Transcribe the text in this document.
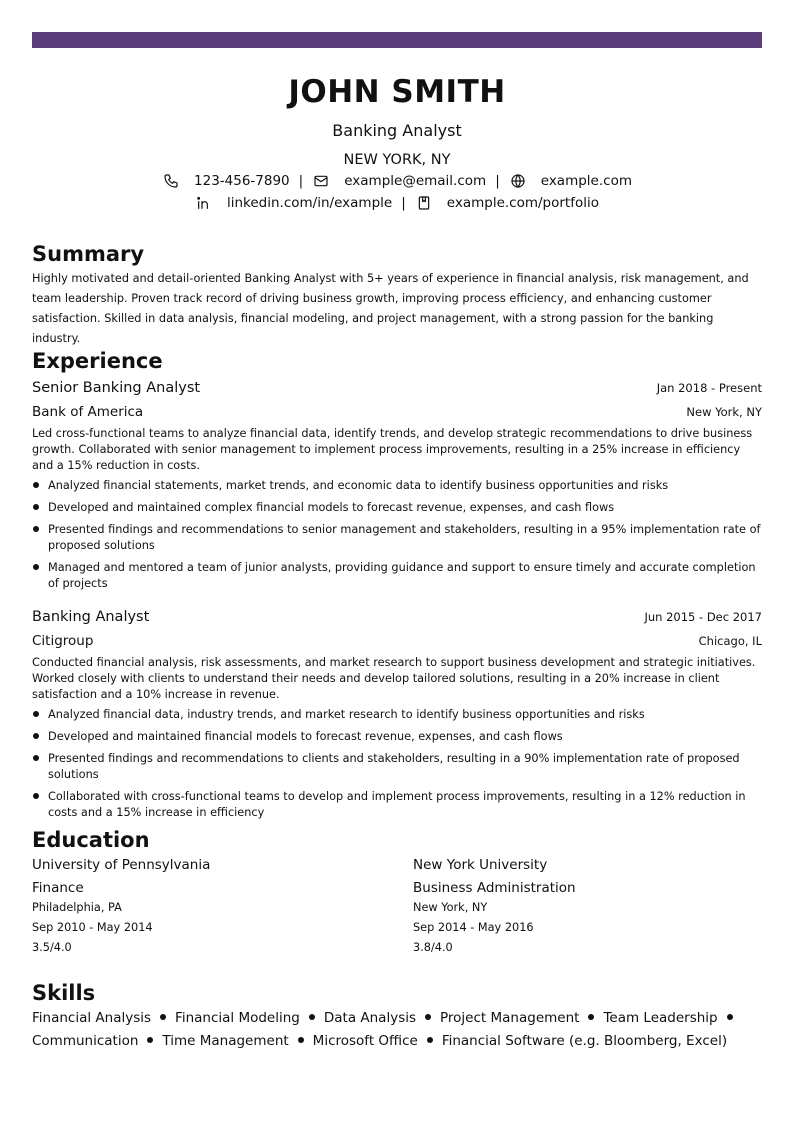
JOHN SMITH
Banking Analyst
NEW YORK, NY
123-456-7890 |	example@email.com |	example.com
linkedin.com/in/example |	example.com/portfolio
Summary
Highly motivated and detail-oriented Banking Analyst with 5+ years of experience in financial analysis, risk management, and team leadership. Proven track record of driving business growth, improving process efficiency, and enhancing customer satisfaction. Skilled in data analysis, financial modeling, and project management, with a strong passion for the banking industry.
Experience
Senior Banking Analyst	Jan 2018 - Present
Bank of America	New York, NY
Led cross-functional teams to analyze financial data, identify trends, and develop strategic recommendations to drive business growth. Collaborated with senior management to implement process improvements, resulting in a 25% increase in efficiency and a 15% reduction in costs.
Analyzed financial statements, market trends, and economic data to identify business opportunities and risks
Developed and maintained complex financial models to forecast revenue, expenses, and cash flows
Presented findings and recommendations to senior management and stakeholders, resulting in a 95% implementation rate of proposed solutions
Managed and mentored a team of junior analysts, providing guidance and support to ensure timely and accurate completion of projects
Banking Analyst	Jun 2015 - Dec 2017
Citigroup	Chicago, IL
Conducted financial analysis, risk assessments, and market research to support business development and strategic initiatives. Worked closely with clients to understand their needs and develop tailored solutions, resulting in a 20% increase in client satisfaction and a 10% increase in revenue.
Analyzed financial data, industry trends, and market research to identify business opportunities and risks
Developed and maintained financial models to forecast revenue, expenses, and cash flows
Presented findings and recommendations to clients and stakeholders, resulting in a 90% implementation rate of proposed solutions
Collaborated with cross-functional teams to develop and implement process improvements, resulting in a 12% reduction in costs and a 15% increase in efficiency
Education
University of Pennsylvania
Finance
Philadelphia, PA
Sep 2010 - May 2014
3.5/4.0
New York University
Business Administration
New York, NY
Sep 2014 - May 2016
3.8/4.0
Skills
Financial Analysis Financial Modeling Data Analysis Project Management Team Leadership
Communication Time Management Microsoft Office Financial Software (e.g. Bloomberg, Excel)
